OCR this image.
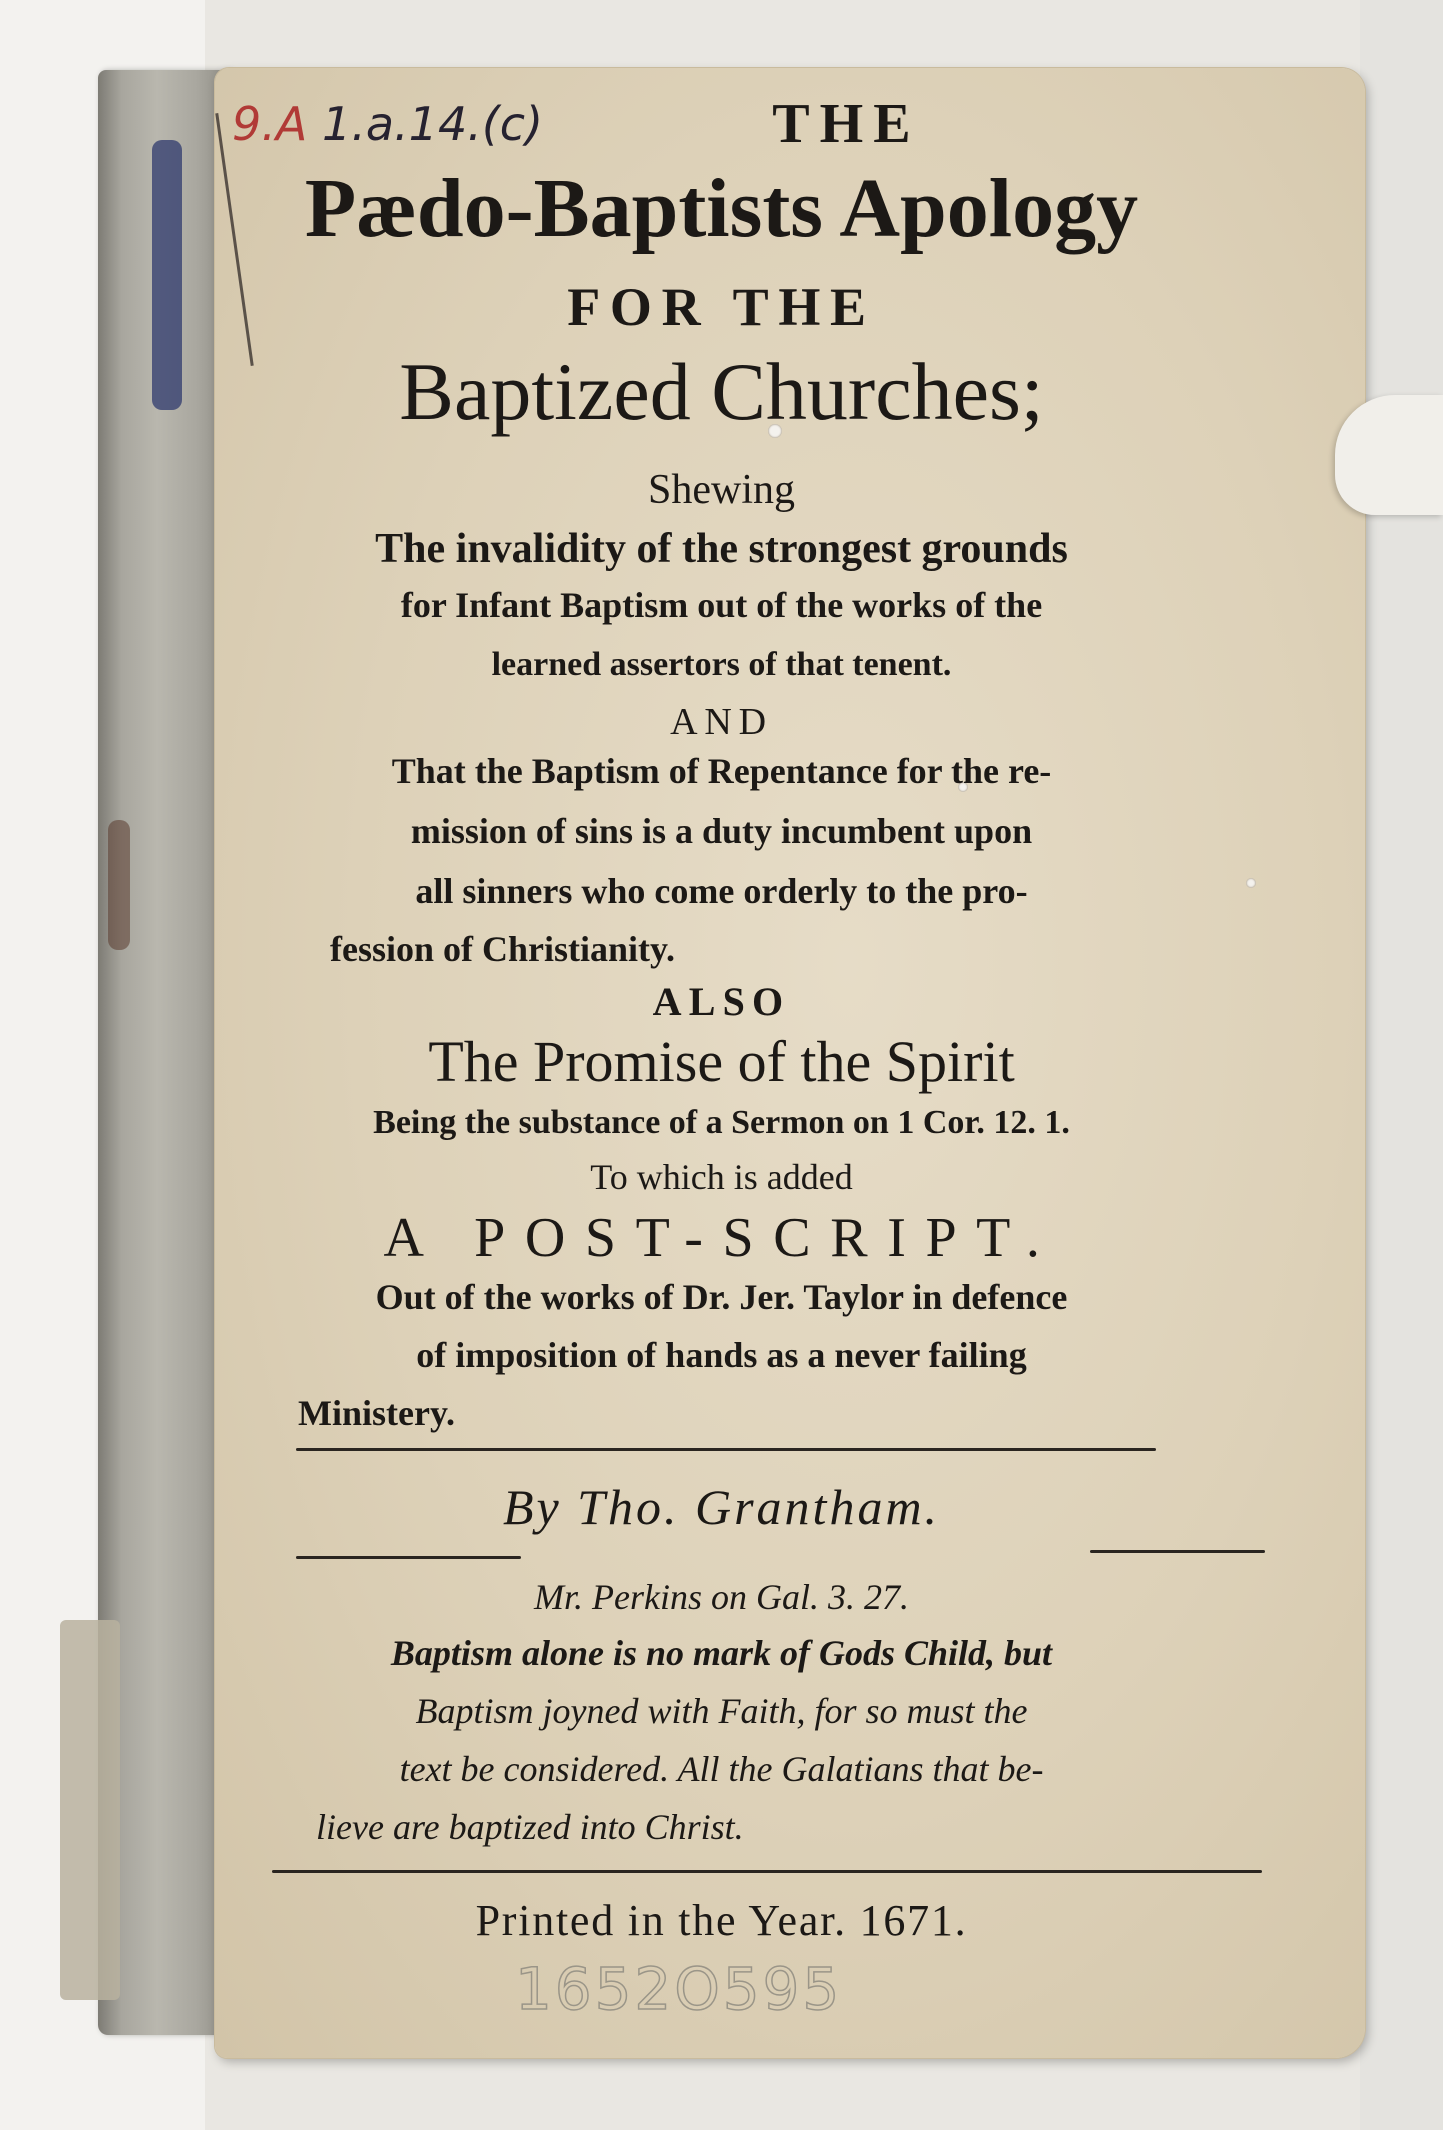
9.A 1.a.14.(c)	THE

Pædo-Baptists Apology

FOR THE

Baptized Churches;

Shewing

The invalidity of the strongest grounds

for Infant Baptism out of the works of the

learned assertors of that tenent.

AND

That the Baptism of Repentance for the re-

mission of sins is a duty incumbent upon

all sinners who come orderly to the pro-

fession of Christianity.

ALSO

The Promise of the Spirit

Being the substance of a Sermon on 1 Cor. 12. 1.

To which is added

A POST-SCRIPT.

Out of the works of Dr. Jer. Taylor in defence

of imposition of hands as a never failing

Ministery.

By Tho. Grantham.

Mr. Perkins on Gal. 3. 27.

Baptism alone is no mark of Gods Child, but

Baptism joyned with Faith, for so must the

text be considered. All the Galatians that be-

lieve are baptized into Christ.

Printed in the Year. 1671.

1652O595
